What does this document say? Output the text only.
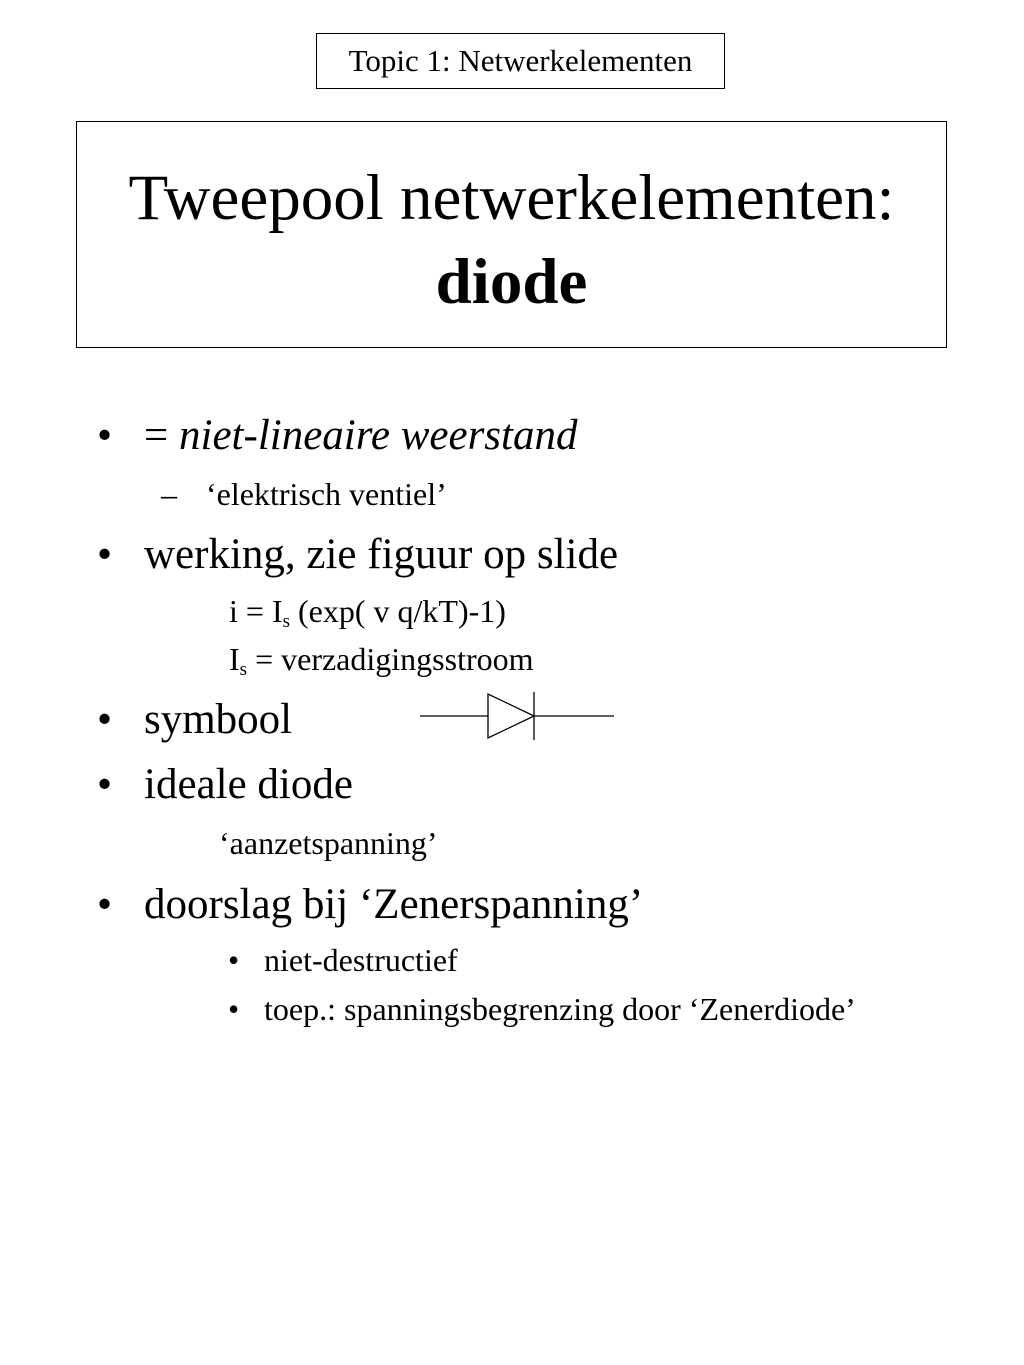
Topic 1: Netwerkelementen
Tweepool netwerkelementen:
diode
• = niet-lineaire weerstand
– ‘elektrisch ventiel’
• werking, zie figuur op slide
$i = I_s$ (exp( v q/kT)-1)
$I_s$ = verzadigingsstroom
• symbool
• ideale diode
‘aanzetspanning’
• doorslag bij ‘Zenerspanning’
• niet-destructief
• toep.: spanningsbegrenzing door ‘Zenerdiode’
